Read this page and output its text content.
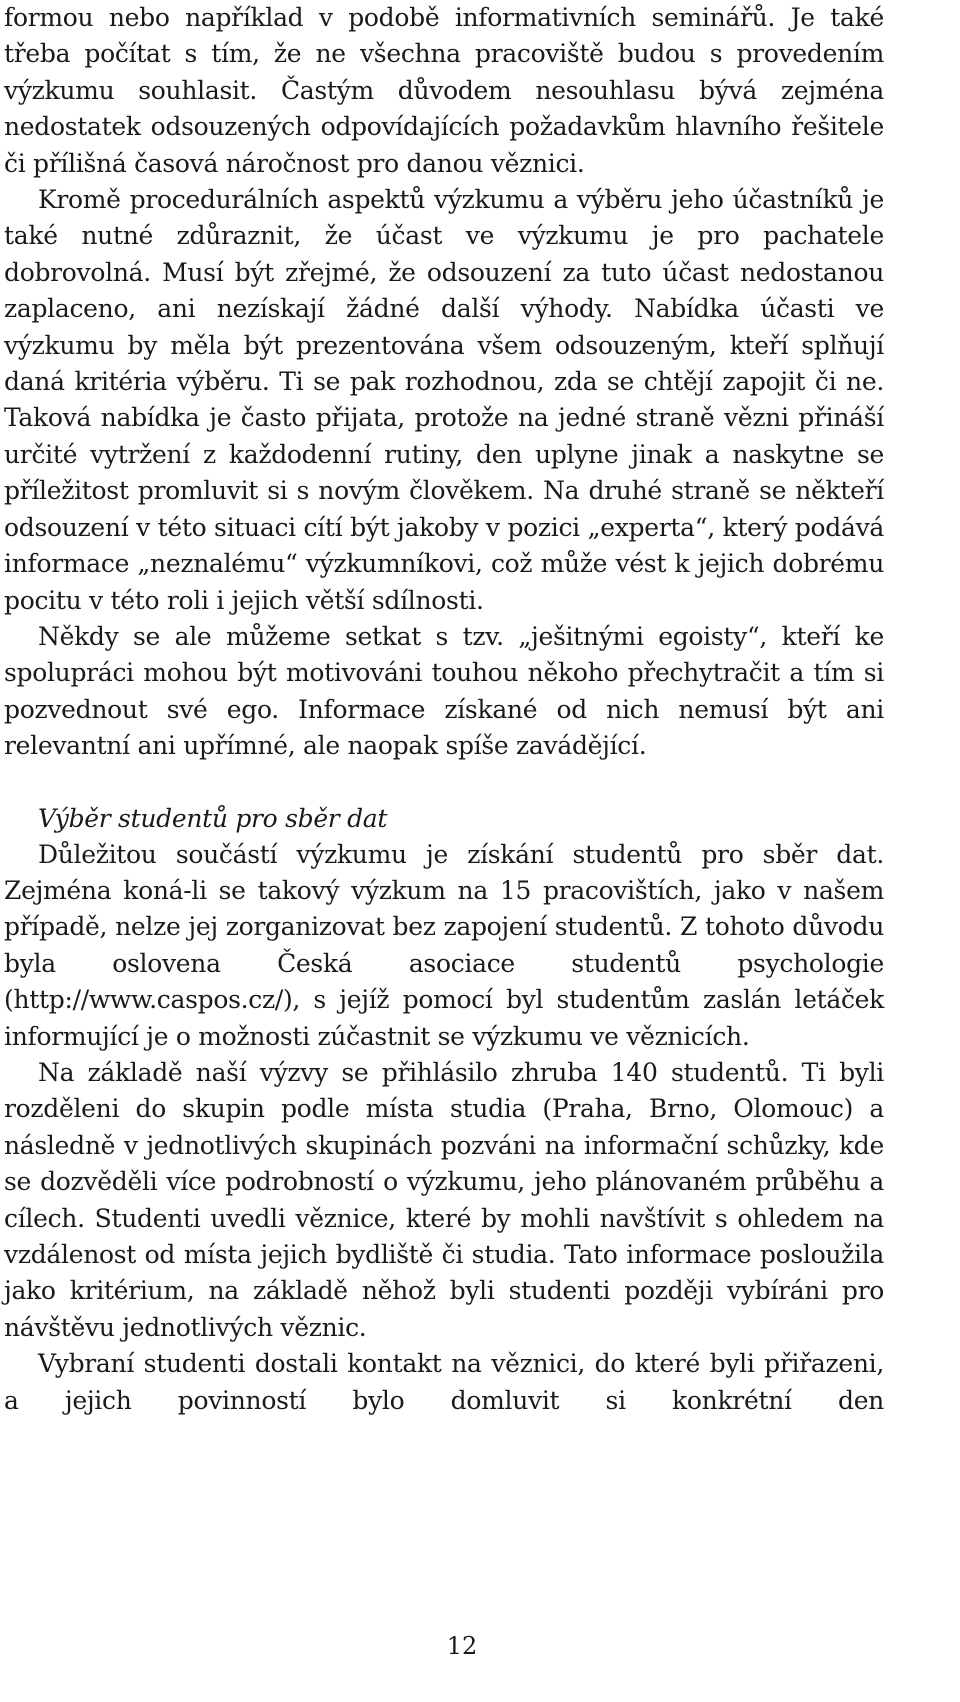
formou nebo například v podobě informativních seminářů. Je také třeba počítat s tím, že ne všechna pracoviště budou s provedením výzkumu souhlasit. Častým důvodem nesouhlasu bývá zejména nedostatek odsouzených odpovídajících požadavkům hlavního řešitele či přílišná časová náročnost pro danou věznici.

Kromě procedurálních aspektů výzkumu a výběru jeho účastníků je také nutné zdůraznit, že účast ve výzkumu je pro pachatele dobrovolná. Musí být zřejmé, že odsouzení za tuto účast nedostanou zaplaceno, ani nezískají žádné další výhody. Nabídka účasti ve výzkumu by měla být prezentována všem odsouzeným, kteří splňují daná kritéria výběru. Ti se pak rozhodnou, zda se chtějí zapojit či ne. Taková nabídka je často přijata, protože na jedné straně vězni přináší určité vytržení z každodenní rutiny, den uplyne jinak a naskytne se příležitost promluvit si s novým člověkem. Na druhé straně se někteří odsouzení v této situaci cítí být jakoby v pozici „experta“, který podává informace „neznalému“ výzkumníkovi, což může vést k jejich dobrému pocitu v této roli i jejich větší sdílnosti.

Někdy se ale můžeme setkat s tzv. „ješitnými egoisty“, kteří ke spolupráci mohou být motivováni touhou někoho přechytračit a tím si pozvednout své ego. Informace získané od nich nemusí být ani relevantní ani upřímné, ale naopak spíše zavádějící.

Výběr studentů pro sběr dat

Důležitou součástí výzkumu je získání studentů pro sběr dat. Zejména koná-li se takový výzkum na 15 pracovištích, jako v našem případě, nelze jej zorganizovat bez zapojení studentů. Z tohoto důvodu byla oslovena Česká asociace studentů psychologie (http://www.caspos.cz/), s jejíž pomocí byl studentům zaslán letáček informující je o možnosti zúčastnit se výzkumu ve věznicích.

Na základě naší výzvy se přihlásilo zhruba 140 studentů. Ti byli rozděleni do skupin podle místa studia (Praha, Brno, Olomouc) a následně v jednotlivých skupinách pozváni na informační schůzky, kde se dozvěděli více podrobností o výzkumu, jeho plánovaném průběhu a cílech. Studenti uvedli věznice, které by mohli navštívit s ohledem na vzdálenost od místa jejich bydliště či studia. Tato informace posloužila jako kritérium, na základě něhož byli studenti později vybíráni pro návštěvu jednotlivých věznic.

Vybraní studenti dostali kontakt na věznici, do které byli přiřazeni, a jejich povinností bylo domluvit si konkrétní den

12
